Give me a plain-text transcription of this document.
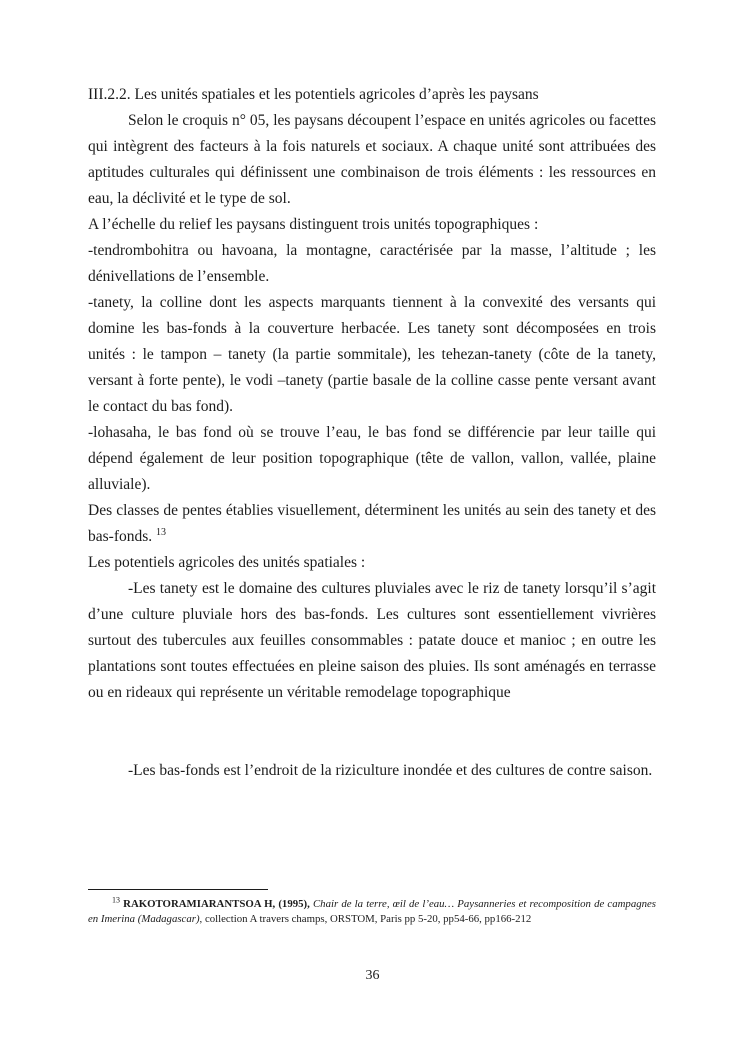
III.2.2. Les unités spatiales et les potentiels agricoles d’après les paysans

Selon le croquis n° 05, les paysans découpent l’espace en unités agricoles ou facettes qui intègrent des facteurs à la fois naturels et sociaux. A chaque unité sont attribuées des aptitudes culturales qui définissent une combinaison de trois éléments : les ressources en eau, la déclivité et le type de sol.

A l’échelle du relief les paysans distinguent trois unités topographiques :

-tendrombohitra ou havoana, la montagne, caractérisée par la masse, l’altitude ; les dénivellations de l’ensemble.

-tanety, la colline dont les aspects marquants tiennent à la convexité des versants qui domine les bas-fonds à la couverture herbacée. Les tanety sont décomposées en trois unités : le tampon – tanety (la partie sommitale), les tehezan-tanety (côte de la tanety, versant à forte pente), le vodi –tanety (partie basale de la colline casse pente versant avant le contact du bas fond).

-lohasaha, le bas fond où se trouve l’eau, le bas fond se différencie par leur taille qui dépend également de leur position topographique (tête de vallon, vallon, vallée, plaine alluviale).

Des classes de pentes établies visuellement, déterminent les unités au sein des tanety et des bas-fonds. $^{13}$

Les potentiels agricoles des unités spatiales :

-Les tanety est le domaine des cultures pluviales avec le riz de tanety lorsqu’il s’agit d’une culture pluviale hors des bas-fonds. Les cultures sont essentiellement vivrières surtout des tubercules aux feuilles consommables : patate douce et manioc ; en outre les plantations sont toutes effectuées en pleine saison des pluies. Ils sont aménagés en terrasse ou en rideaux qui représente un véritable remodelage topographique

-Les bas-fonds est l’endroit de la riziculture inondée et des cultures de contre saison.

$^{13}$ RAKOTORAMIARANTSOA H, (1995), Chair de la terre, œil de l’eau… Paysanneries et recomposition de campagnes en Imerina (Madagascar), collection A travers champs, ORSTOM, Paris pp 5-20, pp54-66, pp166-212

36
